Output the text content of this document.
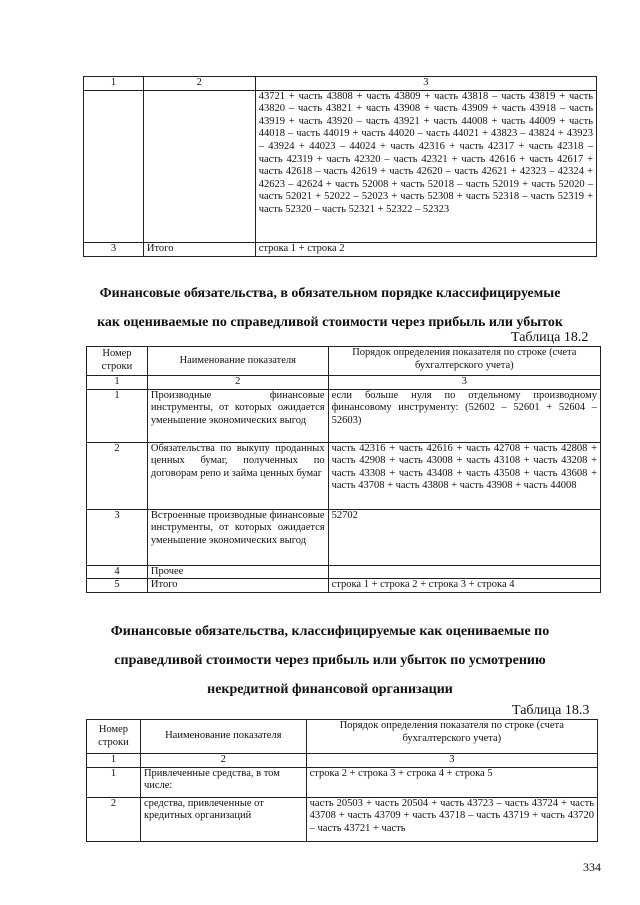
1	2	3
		43721 + часть 43808 + часть 43809 + часть 43818 – часть 43819 + часть 43820 – часть 43821 + часть 43908 + часть 43909 + часть 43918 – часть 43919 + часть 43920 – часть 43921 + часть 44008 + часть 44009 + часть 44018 – часть 44019 + часть 44020 – часть 44021 + 43823 – 43824 + 43923 – 43924 + 44023 – 44024 + часть 42316 + часть 42317 + часть 42318 – часть 42319 + часть 42320 – часть 42321 + часть 42616 + часть 42617 + часть 42618 – часть 42619 + часть 42620 – часть 42621 + 42323 – 42324 + 42623 – 42624 + часть 52008 + часть 52018 – часть 52019 + часть 52020 – часть 52021 + 52022 – 52023 + часть 52308 + часть 52318 – часть 52319 + часть 52320 – часть 52321 + 52322 – 52323
3	Итого	строка 1 + строка 2
Финансовые обязательства, в обязательном порядке классифицируемые
как оцениваемые по справедливой стоимости через прибыль или убыток
Таблица 18.2
Номер строки	Наименование показателя	Порядок определения показателя по строке (счета бухгалтерского учета)
1	2	3
1	Производные финансовые инструменты, от которых ожидается уменьшение экономических выгод	если больше нуля по отдельному производному финансовому инструменту: (52602 – 52601 + 52604 – 52603)
2	Обязательства по выкупу проданных ценных бумаг, полученных по договорам репо и займа ценных бумаг	часть 42316 + часть 42616 + часть 42708 + часть 42808 + часть 42908 + часть 43008 + часть 43108 + часть 43208 + часть 43308 + часть 43408 + часть 43508 + часть 43608 + часть 43708 + часть 43808 + часть 43908 + часть 44008
3	Встроенные производные финансовые инструменты, от которых ожидается уменьшение экономических выгод	52702
4	Прочее	
5	Итого	строка 1 + строка 2 + строка 3 + строка 4
Финансовые обязательства, классифицируемые как оцениваемые по
справедливой стоимости через прибыль или убыток по усмотрению
некредитной финансовой организации
Таблица 18.3
Номер строки	Наименование показателя	Порядок определения показателя по строке (счета бухгалтерского учета)
1	2	3
1	Привлеченные средства, в том числе:	строка 2 + строка 3 + строка 4 + строка 5
2	средства, привлеченные от кредитных организаций	часть 20503 + часть 20504 + часть 43723 – часть 43724 + часть 43708 + часть 43709 + часть 43718 – часть 43719 + часть 43720 – часть 43721 + часть
334
